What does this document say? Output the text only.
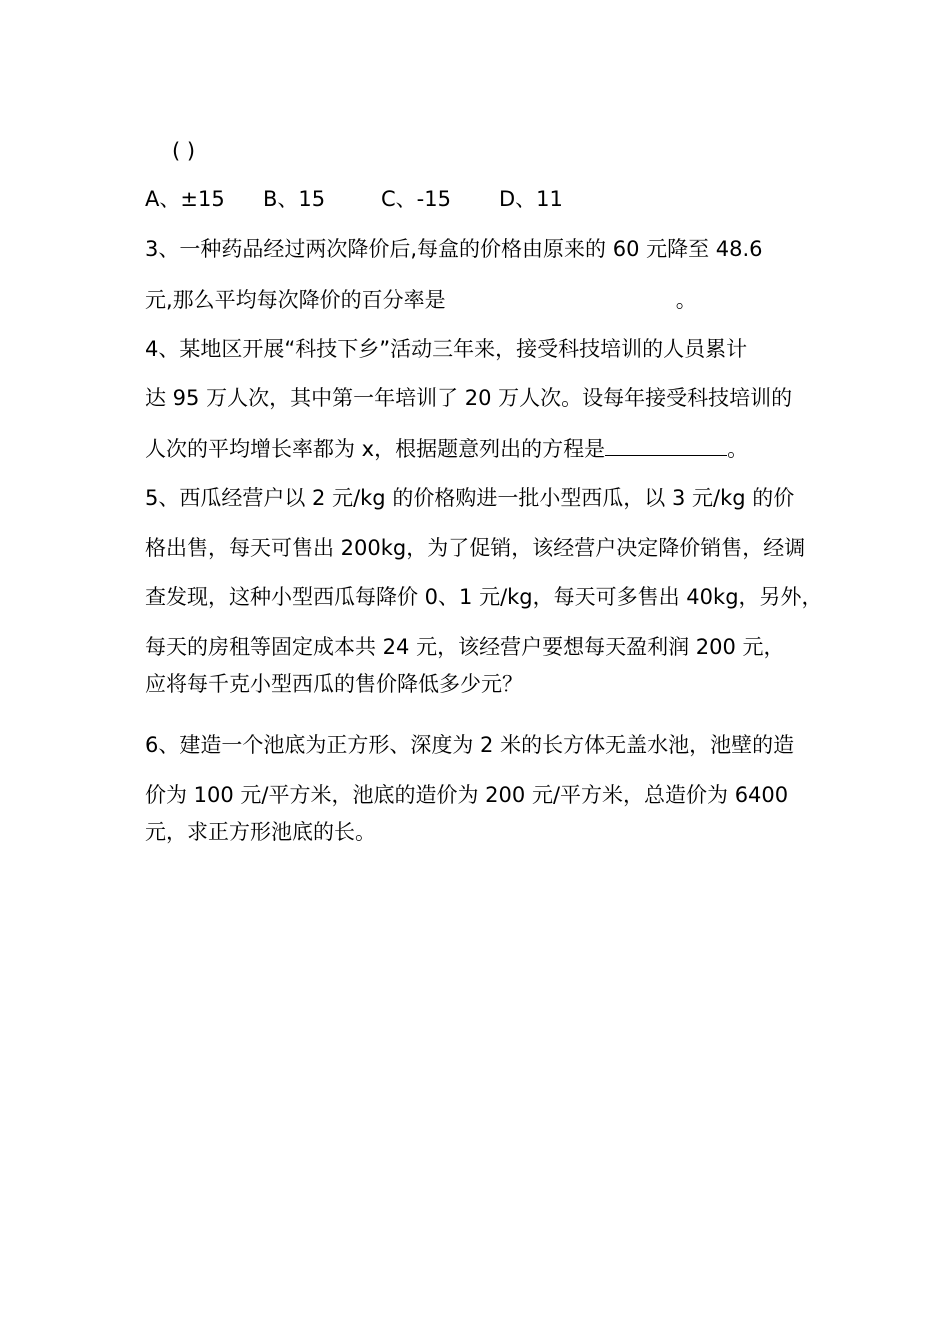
( )
A、±15 B、15	C、-15 D、11
3、一种药品经过两次降价后,每盒的价格由原来的 60 元降至 48.6
元,那么平均每次降价的百分率是	。
4、某地区开展“科技下乡”活动三年来，接受科技培训的人员累计
达 95 万人次，其中第一年培训了 20 万人次。设每年接受科技培训的
人次的平均增长率都为 x，根据题意列出的方程是	。
5、西瓜经营户以 2 元/kg 的价格购进一批小型西瓜，以 3 元/kg 的价
格出售，每天可售出 200kg，为了促销，该经营户决定降价销售，经调
查发现，这种小型西瓜每降价 0、1 元/kg，每天可多售出 40kg，另外，
每天的房租等固定成本共 24 元，该经营户要想每天盈利润 200 元，
应将每千克小型西瓜的售价降低多少元？
6、建造一个池底为正方形、深度为 2 米的长方体无盖水池，池壁的造
价为 100 元/平方米，池底的造价为 200 元/平方米，总造价为 6400
元，求正方形池底的长。
